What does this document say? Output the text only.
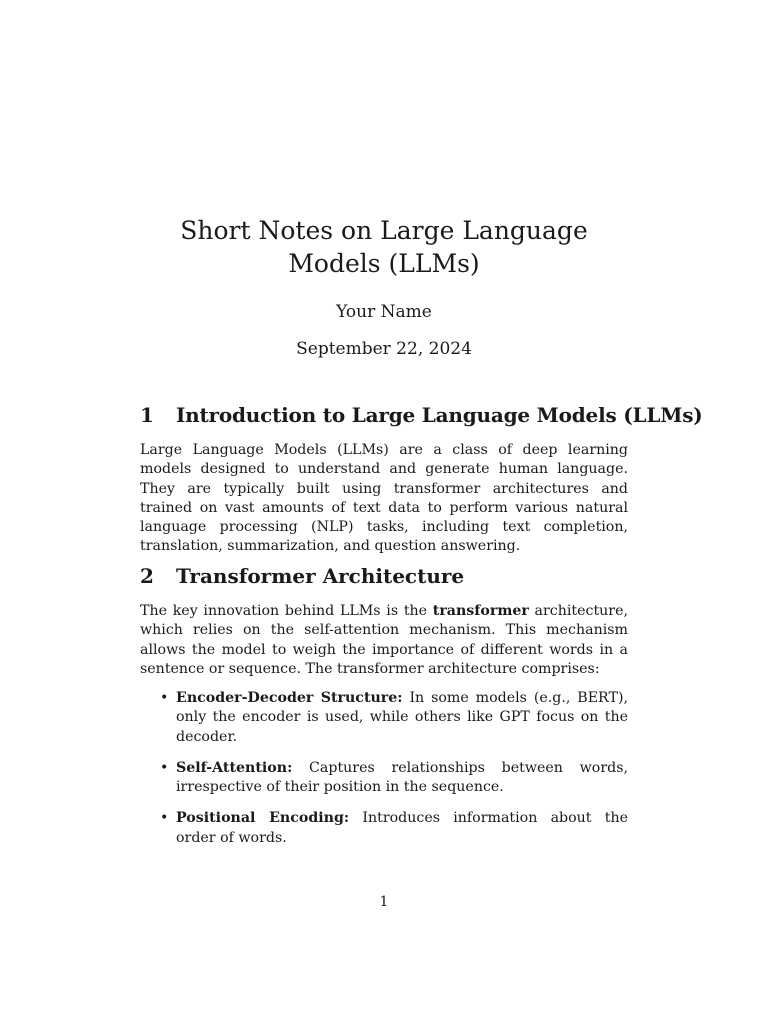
Short Notes on Large Language Models (LLMs)
Your Name
September 22, 2024
1 Introduction to Large Language Models (LLMs)

Large Language Models (LLMs) are a class of deep learning models designed to understand and generate human language. They are typically built using transformer architectures and trained on vast amounts of text data to perform various natural language processing (NLP) tasks, including text completion, translation, summarization, and question answering.

2 Transformer Architecture

The key innovation behind LLMs is the transformer architecture, which relies on the self-attention mechanism. This mechanism allows the model to weigh the importance of different words in a sentence or sequence. The transformer architecture comprises:

• Encoder-Decoder Structure: In some models (e.g., BERT), only the encoder is used, while others like GPT focus on the decoder.
• Self-Attention: Captures relationships between words, irrespective of their position in the sequence.
• Positional Encoding: Introduces information about the order of words.
1
